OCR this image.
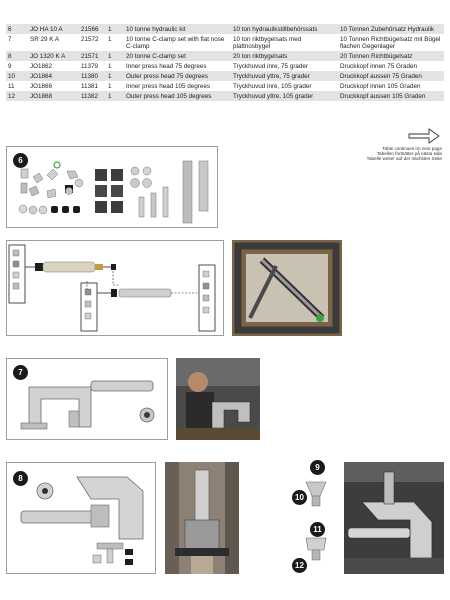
6	JO HA 10 A	21566	1	10 tonne hydraulic kit	10 ton hydraulikstillbehörssats	10 Tonnen Zubehörsatz Hydraulik
7	SR 29 K A	21572	1	10 tonne C-clamp set with flat nose C-clamp	10 ton riktbygelsats med plattnosbygel	10 Tonnen Richtbügelsatz mit Bügel flachen Gegenlager
8	JO 1320 K A	21571	1	20 tonne C-clamp set	20 ton riktbygelsats	20 Tonnen Richtbügelsatz
9	JO1862	11379	1	Inner press head 75 degrees	Tryckhuvud inre, 75 grader	Druckkopf innen 75 Graden
10	JO1864	11380	1	Outer press head 75 degrees	Tryckhuvud yttre, 75 grader	Druckkopf aussen 75 Graden
11	JO1866	11381	1	Inner press head 105 degrees	Tryckhuvud inre, 105 grader	Druckkopf innen 105 Graden
12	JO1868	11382	1	Outer press head 105 degrees	Tryckhuvud yttre, 105 grader	Druckkopf aussen 105 Graden
Table continues on next page
Tabellen fortsätter på nästa sida
Tabelle weiter auf der nächsten Seite
6
7
8
9
10
11
12
